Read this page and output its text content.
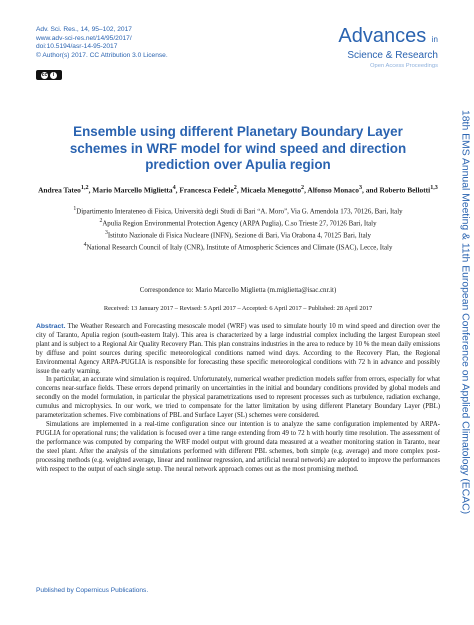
Adv. Sci. Res., 14, 95–102, 2017
www.adv-sci-res.net/14/95/2017/
doi:10.5194/asr-14-95-2017
© Author(s) 2017. CC Attribution 3.0 License.
cc	i
Advances in
Science & Research
Open Access Proceedings
18th EMS Annual Meeting & 11th European Conference on Applied Climatology (ECAC)
Ensemble using different Planetary Boundary Layer schemes in WRF model for wind speed and direction prediction over Apulia region
Andrea Tateo$^{1,2}$, Mario Marcello Miglietta$^4$, Francesca Fedele$^2$, Micaela Menegotto$^2$, Alfonso Monaco$^3$, and Roberto Bellotti$^{1,3}$
$^1$Dipartimento Interateneo di Fisica, Università degli Studi di Bari “A. Moro”, Via G. Amendola 173, 70126, Bari, Italy
$^2$Apulia Region Environmental Protection Agency (ARPA Puglia), C.so Trieste 27, 70126 Bari, Italy
$^3$Istituto Nazionale di Fisica Nucleare (INFN), Sezione di Bari, Via Orabona 4, 70125 Bari, Italy
$^4$National Research Council of Italy (CNR), Institute of Atmospheric Sciences and Climate (ISAC), Lecce, Italy
Correspondence to: Mario Marcello Miglietta (m.miglietta@isac.cnr.it)
Received: 13 January 2017 – Revised: 5 April 2017 – Accepted: 6 April 2017 – Published: 28 April 2017

Abstract. The Weather Research and Forecasting mesoscale model (WRF) was used to simulate hourly 10 m wind speed and direction over the city of Taranto, Apulia region (south-eastern Italy). This area is characterized by a large industrial complex including the largest European steel plant and is subject to a Regional Air Quality Recovery Plan. This plan constrains industries in the area to reduce by 10 % the mean daily emissions by diffuse and point sources during specific meteorological conditions named wind days. According to the Recovery Plan, the Regional Environmental Agency ARPA-PUGLIA is responsible for forecasting these specific meteorological conditions with 72 h in advance and possibly issue the early warning.

In particular, an accurate wind simulation is required. Unfortunately, numerical weather prediction models suffer from errors, especially for what concerns near-surface fields. These errors depend primarily on uncertainties in the initial and boundary conditions provided by global models and secondly on the model formulation, in particular the physical parametrizations used to represent processes such as turbulence, radiation exchange, cumulus and microphysics. In our work, we tried to compensate for the latter limitation by using different Planetary Boundary Layer (PBL) parameterization schemes. Five combinations of PBL and Surface Layer (SL) schemes were considered.

Simulations are implemented in a real-time configuration since our intention is to analyze the same configuration implemented by ARPA-PUGLIA for operational runs; the validation is focused over a time range extending from 49 to 72 h with hourly time resolution. The assessment of the performance was computed by comparing the WRF model output with ground data measured at a weather monitoring station in Taranto, near the steel plant. After the analysis of the simulations performed with different PBL schemes, both simple (e.g. average) and more complex post-processing methods (e.g. weighted average, linear and nonlinear regression, and artificial neural network) are adopted to improve the performances with respect to the output of each single setup. The neural network approach comes out as the most promising method.

Published by Copernicus Publications.
